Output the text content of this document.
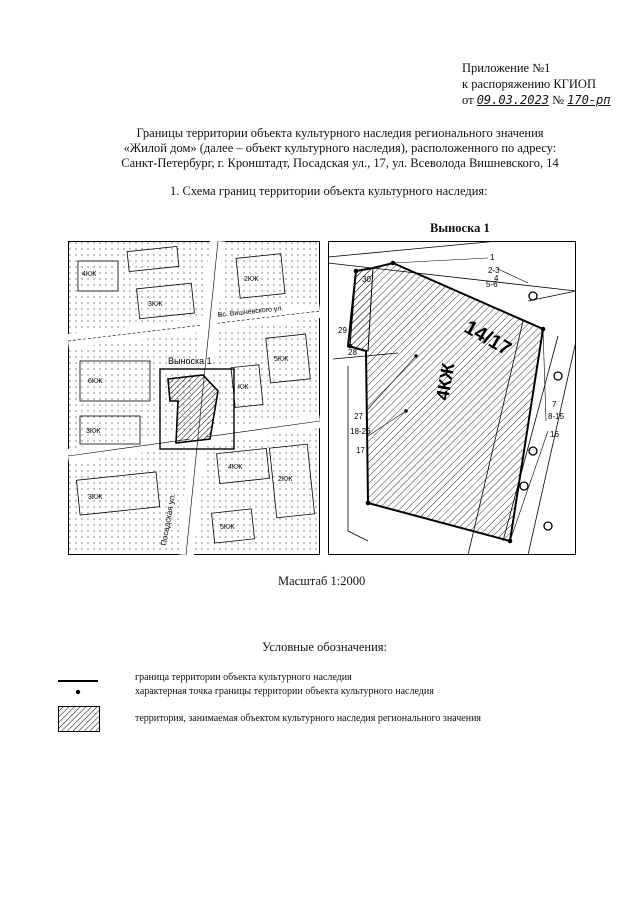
Приложение №1
к распоряжению КГИОП
от 09.03.2023 № 170-рп
Границы территории объекта культурного наследия регионального значения
«Жилой дом» (далее – объект культурного наследия), расположенного по адресу:
Санкт-Петербург, г. Кронштадт, Посадская ул., 17, ул. Всеволода Вишневского, 14
1. Схема границ территории объекта культурного наследия:
Выноска 1
Выноска 1
4КЖ
3КЖ
2КЖ
5КЖ
6КЖ
3КЖ
КЖ
3КЖ
4КЖ
2КЖ
5КЖ
Посадская ул.
Вс. Вишневского ул.
14/17
4КЖ
1
2-3
4
5-6
7
8-15
16
17
18-26
27
28
29
30
Масштаб 1:2000
Условные обозначения:
граница территории объекта культурного наследия
характерная точка границы территории объекта культурного наследия
территория, занимаемая объектом культурного наследия регионального значения
